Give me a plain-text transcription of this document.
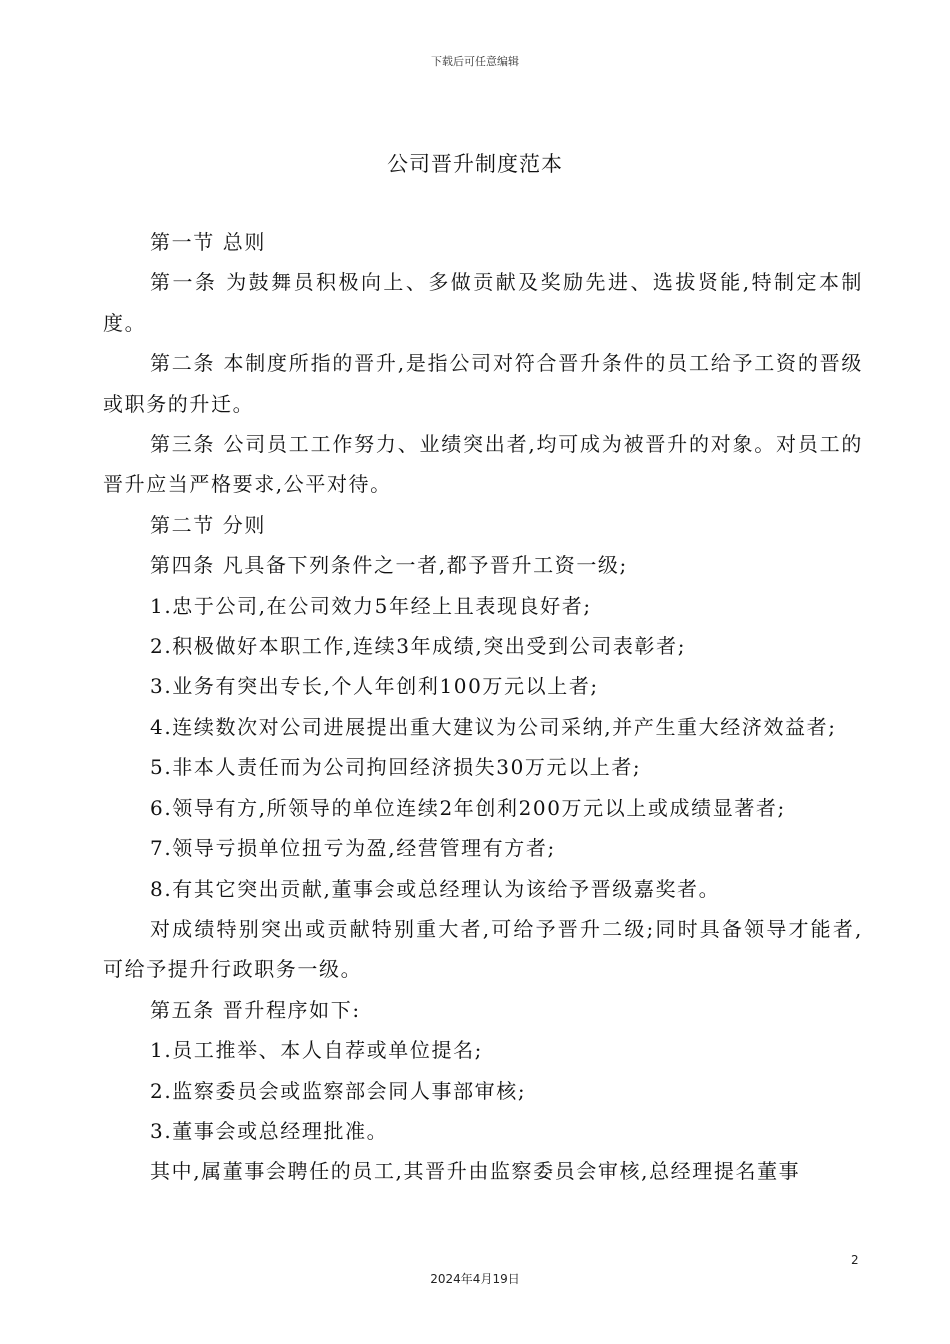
下载后可任意编辑
公司晋升制度范本

第一节 总则

第一条 为鼓舞员积极向上、多做贡献及奖励先进、选拔贤能,特制定本制度。

第二条 本制度所指的晋升,是指公司对符合晋升条件的员工给予工资的晋级或职务的升迁。

第三条 公司员工工作努力、业绩突出者,均可成为被晋升的对象。对员工的晋升应当严格要求,公平对待。

第二节 分则

第四条 凡具备下列条件之一者,都予晋升工资一级;

1.忠于公司,在公司效力5年经上且表现良好者;

2.积极做好本职工作,连续3年成绩,突出受到公司表彰者;

3.业务有突出专长,个人年创利100万元以上者;

4.连续数次对公司进展提出重大建议为公司采纳,并产生重大经济效益者;

5.非本人责任而为公司拘回经济损失30万元以上者;

6.领导有方,所领导的单位连续2年创利200万元以上或成绩显著者;

7.领导亏损单位扭亏为盈,经营管理有方者;

8.有其它突出贡献,董事会或总经理认为该给予晋级嘉奖者。

对成绩特别突出或贡献特别重大者,可给予晋升二级;同时具备领导才能者,可给予提升行政职务一级。

第五条 晋升程序如下:

1.员工推举、本人自荐或单位提名;

2.监察委员会或监察部会同人事部审核;

3.董事会或总经理批准。

其中,属董事会聘任的员工,其晋升由监察委员会审核,总经理提名董事

2
2024年4月19日
